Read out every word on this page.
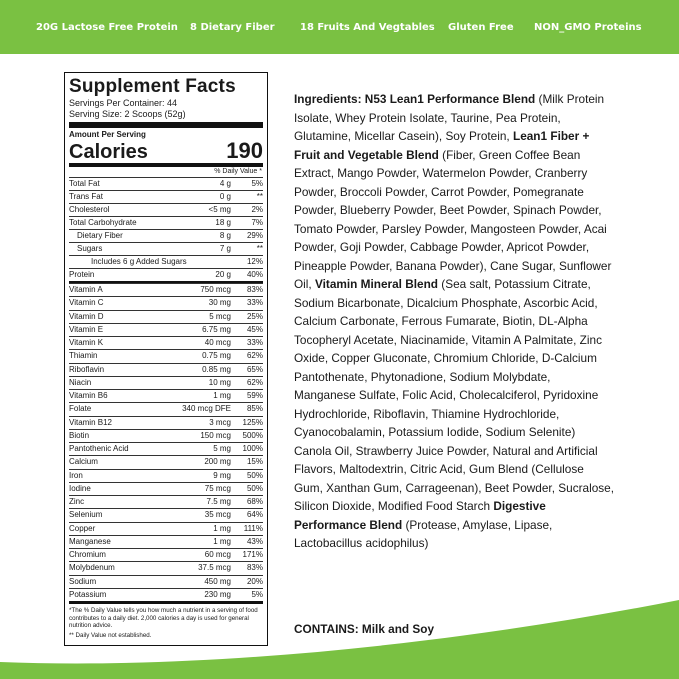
20G Lactose Free Protein	8 Dietary Fiber	18 Fruits And Vegtables	Gluten Free	NON_GMO Proteins
Supplement Facts
Servings Per Container: 44
Serving Size: 2 Scoops (52g)
Amount Per Serving
Calories	190
% Daily Value *
Total Fat	4 g	5%
Trans Fat	0 g	**
Cholesterol	<5 mg	2%
Total Carbohydrate	18 g	7%
Dietary Fiber	8 g	29%
Sugars	7 g	**
Includes 6 g Added Sugars		12%
Protein	20 g	40%
Vitamin A	750 mcg	83%
Vitamin C	30 mg	33%
Vitamin D	5 mcg	25%
Vitamin E	6.75 mg	45%
Vitamin K	40 mcg	33%
Thiamin	0.75 mg	62%
Riboflavin	0.85 mg	65%
Niacin	10 mg	62%
Vitamin B6	1 mg	59%
Folate	340 mcg DFE	85%
Vitamin B12	3 mcg	125%
Biotin	150 mcg	500%
Pantothenic Acid	5 mg	100%
Calcium	200 mg	15%
Iron	9 mg	50%
Iodine	75 mcg	50%
Zinc	7.5 mg	68%
Selenium	35 mcg	64%
Copper	1 mg	111%
Manganese	1 mg	43%
Chromium	60 mcg	171%
Molybdenum	37.5 mcg	83%
Sodium	450 mg	20%
Potassium	230 mg	5%

*The % Daily Value tells you how much a nutrient in a serving of food contributes to a daily diet. 2,000 calories a day is used for general nutrition advice.

** Daily Value not established.

Ingredients: N53 Lean1 Performance Blend (Milk Protein Isolate, Whey Protein Isolate, Taurine, Pea Protein, Glutamine, Micellar Casein), Soy Protein, Lean1 Fiber + Fruit and Vegetable Blend (Fiber, Green Coffee Bean Extract, Mango Powder, Watermelon Powder, Cranberry Powder, Broccoli Powder, Carrot Powder, Pomegranate Powder, Blueberry Powder, Beet Powder, Spinach Powder, Tomato Powder, Parsley Powder, Mangosteen Powder, Acai Powder, Goji Powder, Cabbage Powder, Apricot Powder, Pineapple Powder, Banana Powder), Cane Sugar, Sunflower Oil, Vitamin Mineral Blend (Sea salt, Potassium Citrate, Sodium Bicarbonate, Dicalcium Phosphate, Ascorbic Acid, Calcium Carbonate, Ferrous Fumarate, Biotin, DL-Alpha Tocopheryl Acetate, Niacinamide, Vitamin A Palmitate, Zinc Oxide, Copper Gluconate, Chromium Chloride, D-Calcium Pantothenate, Phytonadione, Sodium Molybdate, Manganese Sulfate, Folic Acid, Cholecalciferol, Pyridoxine Hydrochloride, Riboflavin, Thiamine Hydrochloride, Cyanocobalamin, Potassium Iodide, Sodium Selenite) Canola Oil, Strawberry Juice Powder, Natural and Artificial Flavors, Maltodextrin, Citric Acid, Gum Blend (Cellulose Gum, Xanthan Gum, Carrageenan), Beet Powder, Sucralose, Silicon Dioxide, Modified Food Starch Digestive Performance Blend (Protease, Amylase, Lipase, Lactobacillus acidophilus)
CONTAINS: Milk and Soy
